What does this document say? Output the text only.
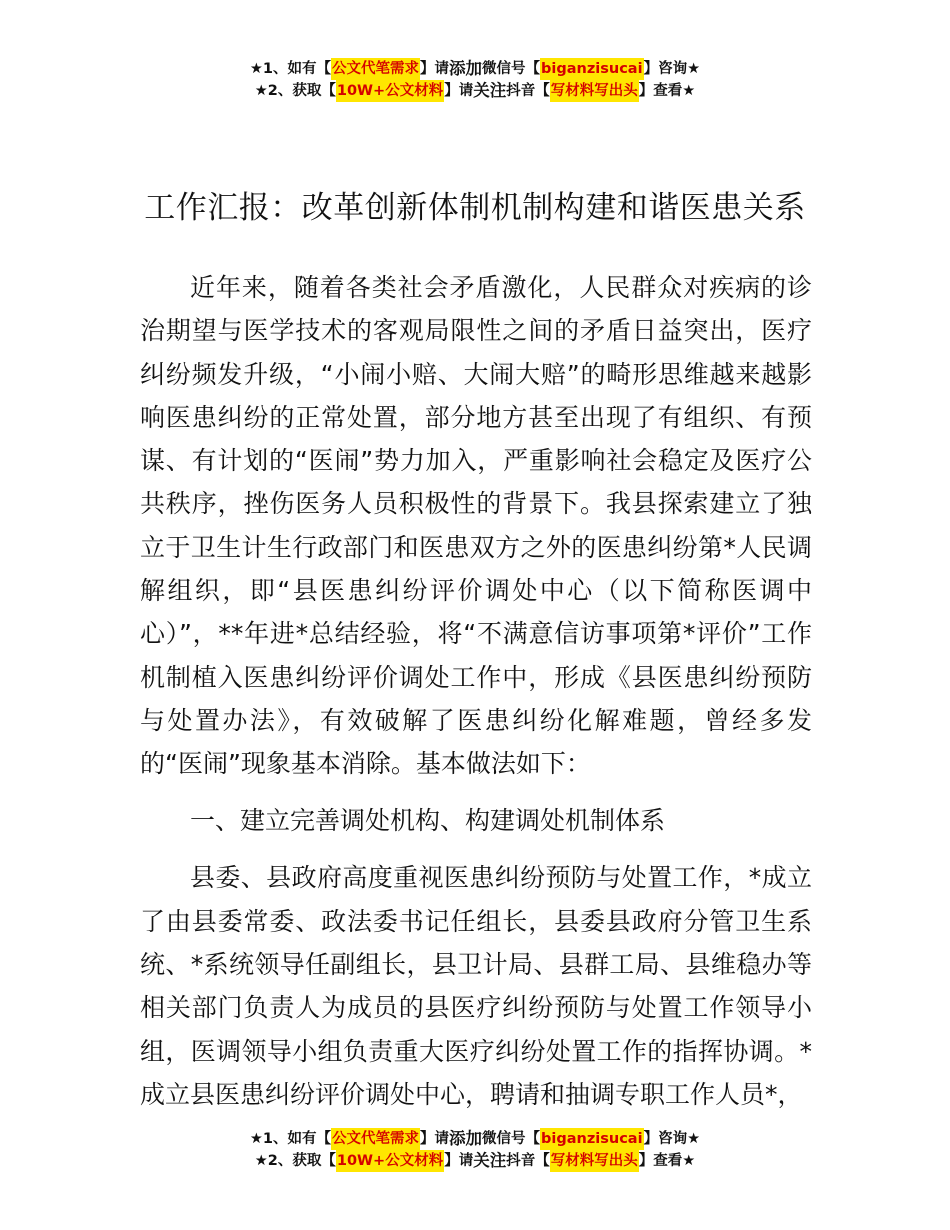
★1、如有【 公文代笔需求 】请 添加 微信号【 biganzisucai 】咨询★
★2、获取【 10W+公文材料 】请 关注 抖音【 写材料写出头 】查看★
工作汇报：改革创新体制机制构建和谐医患关系

近年来，随着各类社会矛盾激化，人民群众对疾病的诊治期望与医学技术的客观局限性之间的矛盾日益突出，医疗纠纷频发升级，“小闹小赔、大闹大赔”的畸形思维越来越影响医患纠纷的正常处置，部分地方甚至出现了有组织、有预谋、有计划的“医闹”势力加入，严重影响社会稳定及医疗公共秩序，挫伤医务人员积极性的背景下。我县探索建立了独立于卫生计生行政部门和医患双方之外的医患纠纷第*人民调解组织，即“县医患纠纷评价调处中心（以下简称医调中心）”，**年进*总结经验，将“不满意信访事项第*评价”工作机制植入医患纠纷评价调处工作中，形成《县医患纠纷预防与处置办法》，有效破解了医患纠纷化解难题，曾经多发的“医闹”现象基本消除。基本做法如下：

一、建立完善调处机构、构建调处机制体系

县委、县政府高度重视医患纠纷预防与处置工作，*成立了由县委常委、政法委书记任组长，县委县政府分管卫生系统、*系统领导任副组长，县卫计局、县群工局、县维稳办等相关部门负责人为成员的县医疗纠纷预防与处置工作领导小组，医调领导小组负责重大医疗纠纷处置工作的指挥协调。*成立县医患纠纷评价调处中心，聘请和抽调专职工作人员*，

★1、如有【 公文代笔需求 】请 添加 微信号【 biganzisucai 】咨询★
★2、获取【 10W+公文材料 】请 关注 抖音【 写材料写出头 】查看★
